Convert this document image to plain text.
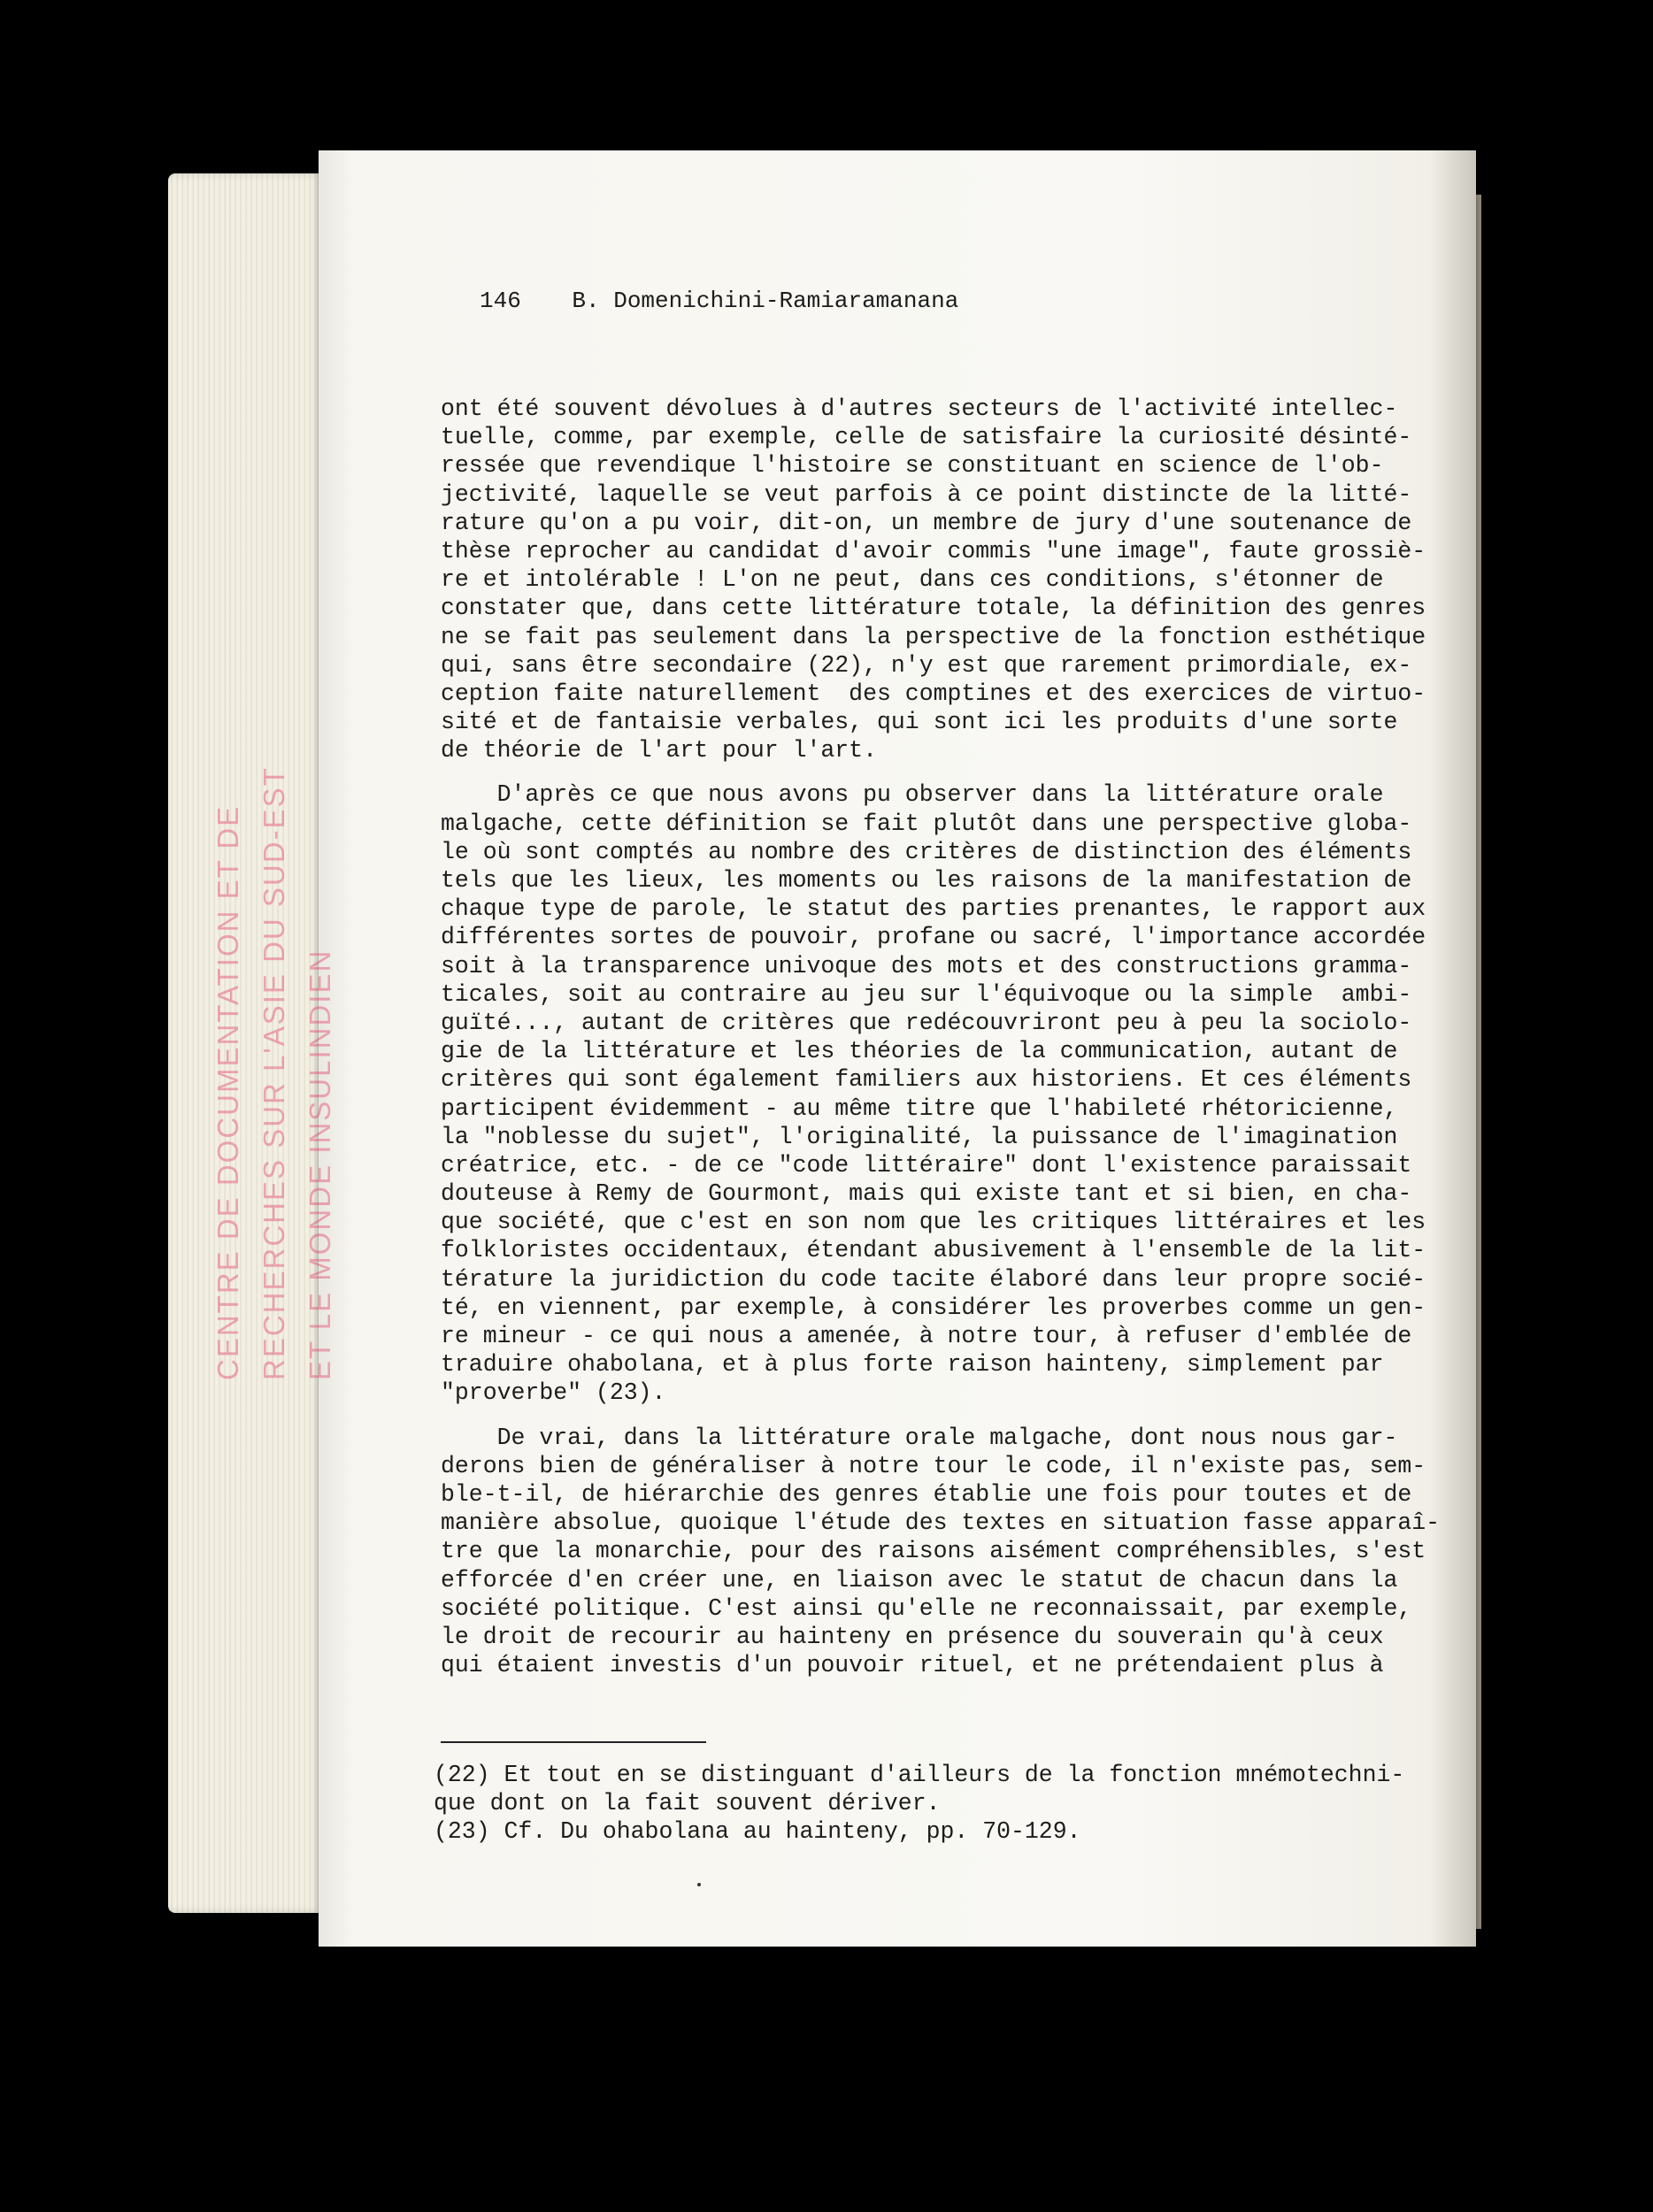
CENTRE DE DOCUMENTATION ET DE RECHERCHES SUR L'ASIE DU SUD-EST ET LE MONDE INSULINDIEN
146 B. Domenichini-Ramiaramanana
ont été souvent dévolues à d'autres secteurs de l'activité intellec-
tuelle, comme, par exemple, celle de satisfaire la curiosité désinté-
ressée que revendique l'histoire se constituant en science de l'ob-
jectivité, laquelle se veut parfois à ce point distincte de la litté-
rature qu'on a pu voir, dit-on, un membre de jury d'une soutenance de
thèse reprocher au candidat d'avoir commis "une image", faute grossiè-
re et intolérable ! L'on ne peut, dans ces conditions, s'étonner de
constater que, dans cette littérature totale, la définition des genres
ne se fait pas seulement dans la perspective de la fonction esthétique
qui, sans être secondaire (22), n'y est que rarement primordiale, ex-
ception faite naturellement  des comptines et des exercices de virtuo-
sité et de fantaisie verbales, qui sont ici les produits d'une sorte
de théorie de l'art pour l'art.
D'après ce que nous avons pu observer dans la littérature orale
malgache, cette définition se fait plutôt dans une perspective globa-
le où sont comptés au nombre des critères de distinction des éléments
tels que les lieux, les moments ou les raisons de la manifestation de
chaque type de parole, le statut des parties prenantes, le rapport aux
différentes sortes de pouvoir, profane ou sacré, l'importance accordée
soit à la transparence univoque des mots et des constructions gramma-
ticales, soit au contraire au jeu sur l'équivoque ou la simple  ambi-
guïté..., autant de critères que redécouvriront peu à peu la sociolo-
gie de la littérature et les théories de la communication, autant de
critères qui sont également familiers aux historiens. Et ces éléments
participent évidemment - au même titre que l'habileté rhétoricienne,
la "noblesse du sujet", l'originalité, la puissance de l'imagination
créatrice, etc. - de ce "code littéraire" dont l'existence paraissait
douteuse à Remy de Gourmont, mais qui existe tant et si bien, en cha-
que société, que c'est en son nom que les critiques littéraires et les
folkloristes occidentaux, étendant abusivement à l'ensemble de la lit-
térature la juridiction du code tacite élaboré dans leur propre socié-
té, en viennent, par exemple, à considérer les proverbes comme un gen-
re mineur - ce qui nous a amenée, à notre tour, à refuser d'emblée de
traduire ohabolana, et à plus forte raison hainteny, simplement par
"proverbe" (23).
De vrai, dans la littérature orale malgache, dont nous nous gar-
derons bien de généraliser à notre tour le code, il n'existe pas, sem-
ble-t-il, de hiérarchie des genres établie une fois pour toutes et de
manière absolue, quoique l'étude des textes en situation fasse apparaî-
tre que la monarchie, pour des raisons aisément compréhensibles, s'est
efforcée d'en créer une, en liaison avec le statut de chacun dans la
société politique. C'est ainsi qu'elle ne reconnaissait, par exemple,
le droit de recourir au hainteny en présence du souverain qu'à ceux
qui étaient investis d'un pouvoir rituel, et ne prétendaient plus à
(22) Et tout en se distinguant d'ailleurs de la fonction mnémotechni-
que dont on la fait souvent dériver.
(23) Cf. Du ohabolana au hainteny, pp. 70-129.
